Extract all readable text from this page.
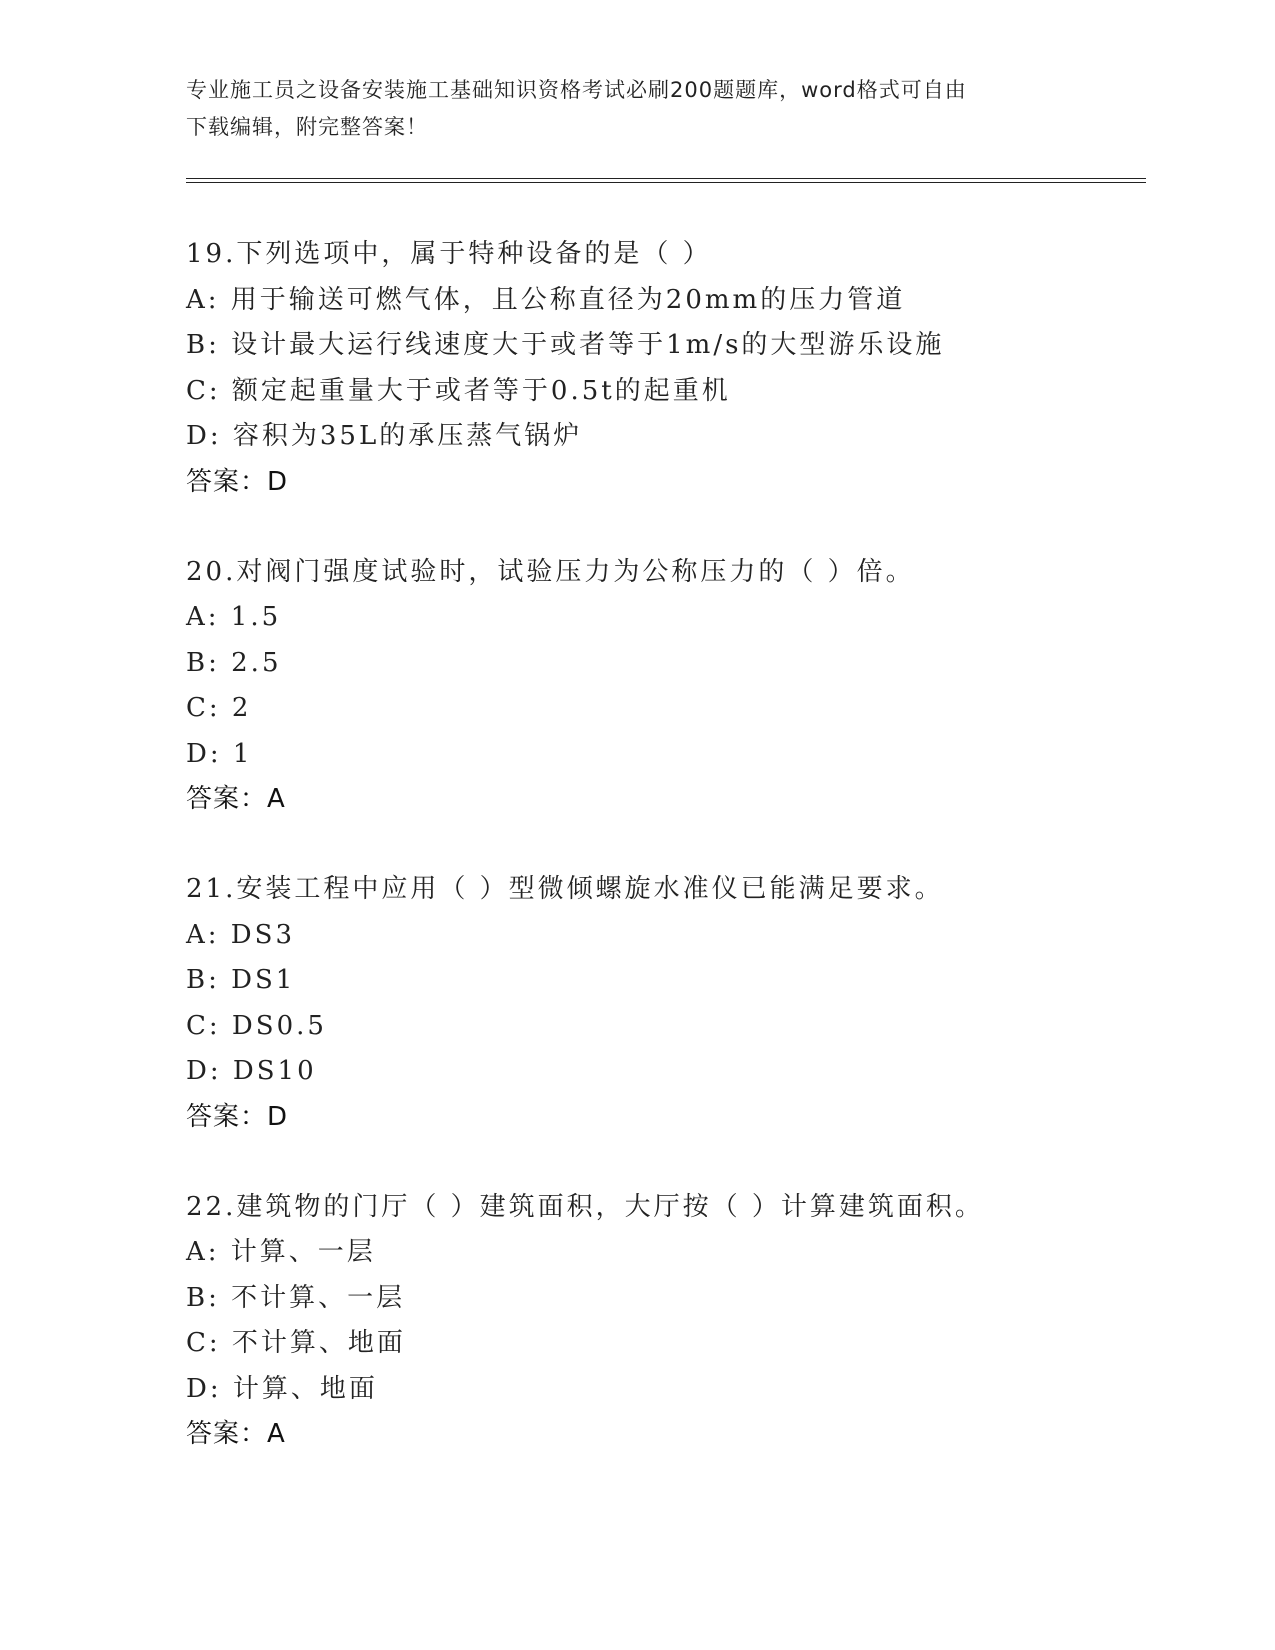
专业施工员之设备安装施工基础知识资格考试必刷200题题库，word格式可自由
下载编辑，附完整答案！
19.下列选项中，属于特种设备的是（ ）
A: 用于输送可燃气体，且公称直径为20mm的压力管道
B: 设计最大运行线速度大于或者等于1m/s的大型游乐设施
C: 额定起重量大于或者等于0.5t的起重机
D: 容积为35L的承压蒸气锅炉
答案：D
20.对阀门强度试验时，试验压力为公称压力的（ ）倍。
A: 1.5
B: 2.5
C: 2
D: 1
答案：A
21.安装工程中应用（ ）型微倾螺旋水准仪已能满足要求。
A: DS3
B: DS1
C: DS0.5
D: DS10
答案：D
22.建筑物的门厅（ ）建筑面积，大厅按（ ）计算建筑面积。
A: 计算、一层
B: 不计算、一层
C: 不计算、地面
D: 计算、地面
答案：A
